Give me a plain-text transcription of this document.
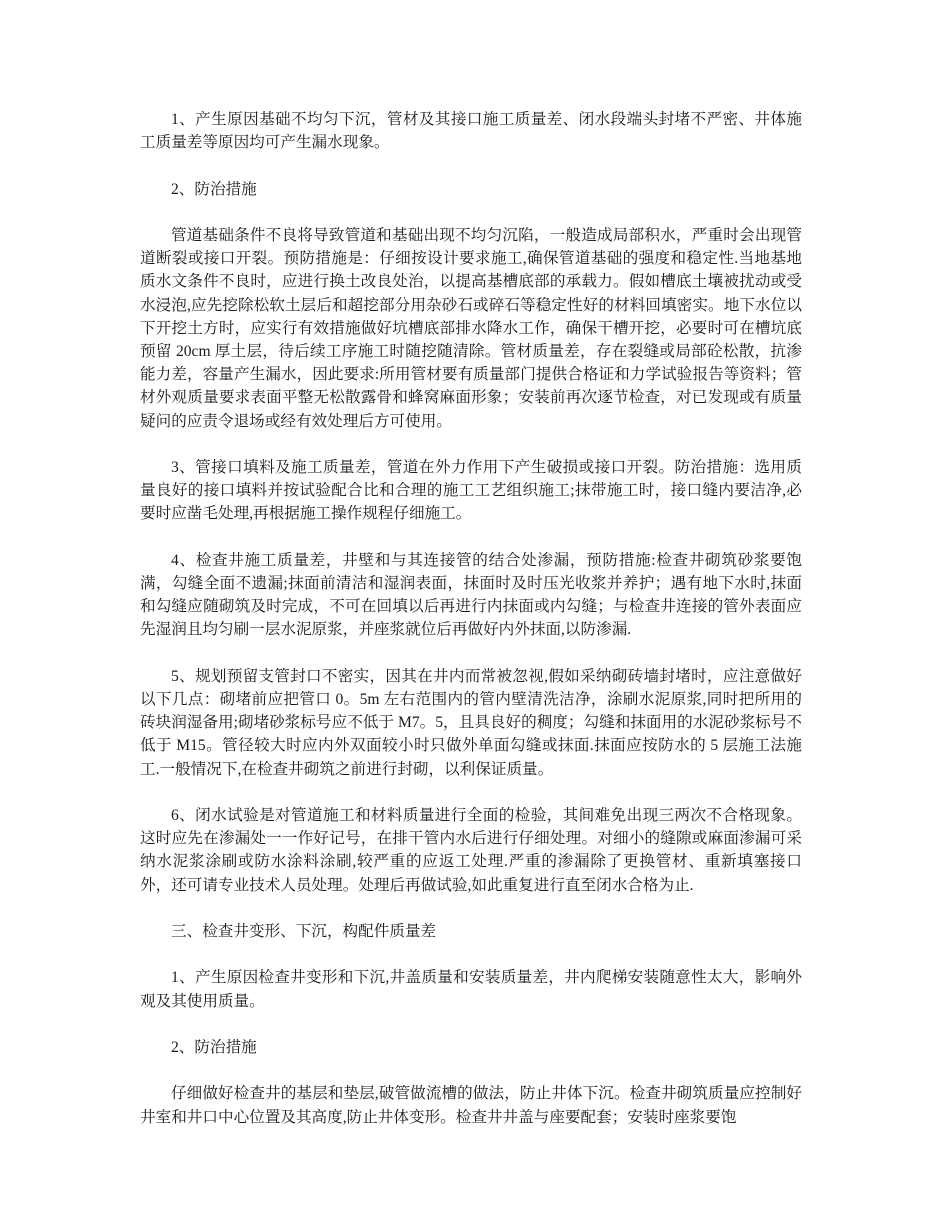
1、产生原因基础不均匀下沉，管材及其接口施工质量差、闭水段端头封堵不严密、井体施工质量差等原因均可产生漏水现象。

2、防治措施

管道基础条件不良将导致管道和基础出现不均匀沉陷，一般造成局部积水，严重时会出现管道断裂或接口开裂。预防措施是：仔细按设计要求施工,确保管道基础的强度和稳定性.当地基地质水文条件不良时，应进行换土改良处治，以提高基槽底部的承载力。假如槽底土壤被扰动或受水浸泡,应先挖除松软土层后和超挖部分用杂砂石或碎石等稳定性好的材料回填密实。地下水位以下开挖土方时，应实行有效措施做好坑槽底部排水降水工作，确保干槽开挖，必要时可在槽坑底预留 20cm 厚土层，待后续工序施工时随挖随清除。管材质量差，存在裂缝或局部砼松散，抗渗能力差，容量产生漏水，因此要求:所用管材要有质量部门提供合格证和力学试验报告等资料；管材外观质量要求表面平整无松散露骨和蜂窝麻面形象；安装前再次逐节检查，对已发现或有质量疑问的应责令退场或经有效处理后方可使用。

3、管接口填料及施工质量差，管道在外力作用下产生破损或接口开裂。防治措施：选用质量良好的接口填料并按试验配合比和合理的施工工艺组织施工;抹带施工时，接口缝内要洁净,必要时应凿毛处理,再根据施工操作规程仔细施工。

4、检查井施工质量差，井壁和与其连接管的结合处渗漏，预防措施:检查井砌筑砂浆要饱满，勾缝全面不遗漏;抹面前清洁和湿润表面，抹面时及时压光收浆并养护；遇有地下水时,抹面和勾缝应随砌筑及时完成，不可在回填以后再进行内抹面或内勾缝；与检查井连接的管外表面应先湿润且均匀刷一层水泥原浆，并座浆就位后再做好内外抹面,以防渗漏.

5、规划预留支管封口不密实，因其在井内而常被忽视,假如采纳砌砖墙封堵时，应注意做好以下几点：砌堵前应把管口 0。5m 左右范围内的管内壁清洗洁净，涂刷水泥原浆,同时把所用的砖块润湿备用;砌堵砂浆标号应不低于 M7。5，且具良好的稠度；勾缝和抹面用的水泥砂浆标号不低于 M15。管径较大时应内外双面较小时只做外单面勾缝或抹面.抹面应按防水的 5 层施工法施工.一般情况下,在检查井砌筑之前进行封砌，以利保证质量。

6、闭水试验是对管道施工和材料质量进行全面的检验，其间难免出现三两次不合格现象。这时应先在渗漏处一一作好记号，在排干管内水后进行仔细处理。对细小的缝隙或麻面渗漏可采纳水泥浆涂刷或防水涂料涂刷,较严重的应返工处理.严重的渗漏除了更换管材、重新填塞接口外，还可请专业技术人员处理。处理后再做试验,如此重复进行直至闭水合格为止.

三、检查井变形、下沉，构配件质量差

1、产生原因检查井变形和下沉,井盖质量和安装质量差，井内爬梯安装随意性太大，影响外观及其使用质量。

2、防治措施

仔细做好检查井的基层和垫层,破管做流槽的做法，防止井体下沉。检查井砌筑质量应控制好井室和井口中心位置及其高度,防止井体变形。检查井井盖与座要配套；安装时座浆要饱
